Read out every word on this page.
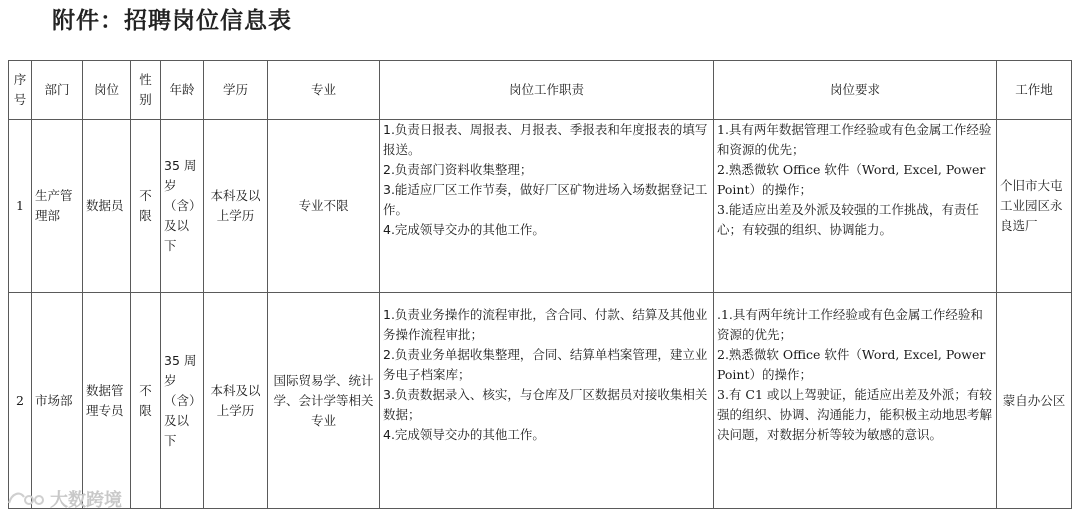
附件：招聘岗位信息表
序号	部门	岗位	性别	年龄	学历	专业	岗位工作职责	岗位要求	工作地
1	生产管理部	数据员	不限	35 周岁（含）及以下	本科及以上学历	专业不限	1.负责日报表、周报表、月报表、季报表和年度报表的填写报送。
2.负责部门资料收集整理；
3.能适应厂区工作节奏，做好厂区矿物进场入场数据登记工作。
4.完成领导交办的其他工作。	1.具有两年数据管理工作经验或有色金属工作经验和资源的优先；
2.熟悉微软 Office 软件（Word, Excel, Power Point）的操作；
3.能适应出差及外派及较强的工作挑战，有责任心；有较强的组织、协调能力。	个旧市大屯工业园区永良选厂
2	市场部	数据管理专员	不限	35 周岁（含）及以下	本科及以上学历	国际贸易学、统计学、会计学等相关专业	1.负责业务操作的流程审批，含合同、付款、结算及其他业务操作流程审批；
2.负责业务单据收集整理，合同、结算单档案管理，建立业务电子档案库；
3.负责数据录入、核实，与仓库及厂区数据员对接收集相关数据；
4.完成领导交办的其他工作。	.1.具有两年统计工作经验或有色金属工作经验和资源的优先；
2.熟悉微软 Office 软件（Word, Excel, Power Point）的操作；
3.有 C1 或以上驾驶证，能适应出差及外派；有较强的组织、协调、沟通能力，能积极主动地思考解决问题，对数据分析等较为敏感的意识。	蒙自办公区
大数跨境
